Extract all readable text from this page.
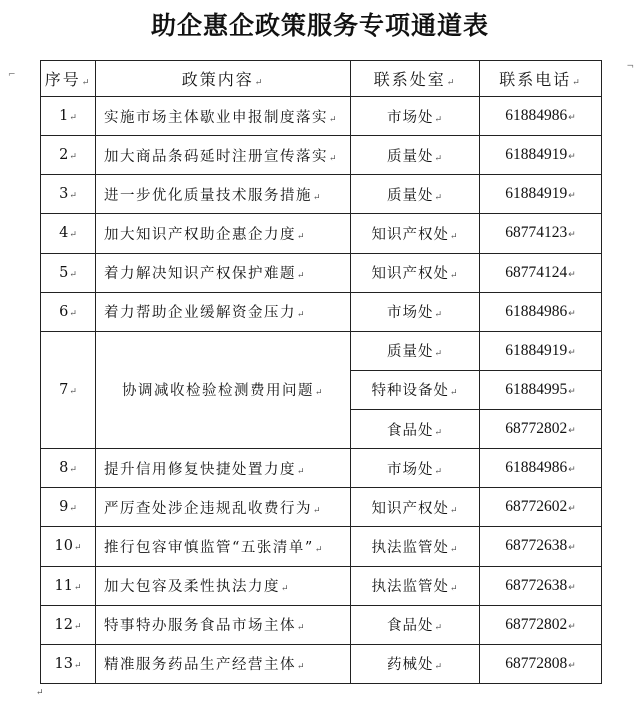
助企惠企政策服务专项通道表
⌐
¬
序号↵	政策内容↵	联系处室↵	联系电话↵
1↵	实施市场主体歇业申报制度落实↵	市场处↵	61884986↵
2↵	加大商品条码延时注册宣传落实↵	质量处↵	61884919↵
3↵	进一步优化质量技术服务措施↵	质量处↵	61884919↵
4↵	加大知识产权助企惠企力度↵	知识产权处↵	68774123↵
5↵	着力解决知识产权保护难题↵	知识产权处↵	68774124↵
6↵	着力帮助企业缓解资金压力↵	市场处↵	61884986↵
7↵	协调减收检验检测费用问题↵	质量处↵	61884919↵
		特种设备处↵	61884995↵
		食品处↵	68772802↵
8↵	提升信用修复快捷处置力度↵	市场处↵	61884986↵
9↵	严厉查处涉企违规乱收费行为↵	知识产权处↵	68772602↵
10↵	推行包容审慎监管“五张清单”↵	执法监管处↵	68772638↵
11↵	加大包容及柔性执法力度↵	执法监管处↵	68772638↵
12↵	特事特办服务食品市场主体↵	食品处↵	68772802↵
13↵	精准服务药品生产经营主体↵	药械处↵	68772808↵
↵
